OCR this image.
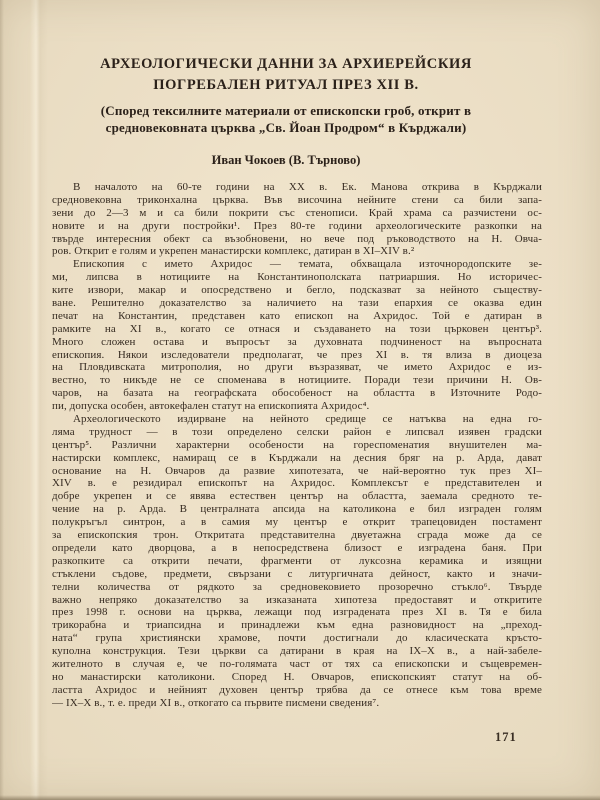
АРХЕОЛОГИЧЕСКИ ДАННИ ЗА АРХИЕРЕЙСКИЯ
ПОГРЕБАЛЕН РИТУАЛ ПРЕЗ XII В.
(Според тексилните материали от епископски гроб, открит в
средновековната църква „Св. Йоан Продром“ в Кърджали)
Иван Чокоев (В. Търново)
В началото на 60-те години на XX в. Ек. Манова открива в Кърджали
средновековна триконхална църква. Във височина нейните стени са били запа-
зени до 2—3 м и са били покрити със стенописи. Край храма са разчистени ос-
новите и на други постройки¹. През 80-те години археологическите разкопки на
твърде интересния обект са възобновени, но вече под ръководството на Н. Овча-
ров. Открит е голям и укрепен манастирски комплекс, датиран в XI–XIV в.²
Епископия с името Ахридос — темата, обхващала източнородопските зе-
ми, липсва в нотициите на Константинополската патриаршия. Но историчес-
ките извори, макар и опосредствено и бегло, подсказват за нейното съществу-
ване. Решително доказателство за наличието на тази епархия се оказва един
печат на Константин, представен като епископ на Ахридос. Той е датиран в
рамките на XI в., когато се отнася и създаването на този църковен център³.
Много сложен остава и въпросът за духовната подчиненост на въпросната
епископия. Някои изследователи предполагат, че през XI в. тя влиза в диоцеза
на Пловдивската митрополия, но други възразяват, че името Ахридос е из-
вестно, то никъде не се споменава в нотициите. Поради тези причини Н. Ов-
чаров, на базата на географската обособеност на областта в Източните Родо-
пи, допуска особен, автокефален статут на епископията Ахридос⁴.
Археологическото издирване на нейното средище се натъква на една го-
ляма трудност — в този определено селски район е липсвал изявен градски
център⁵. Различни характерни особености на гореспоменатия внушителен ма-
настирски комплекс, намиращ се в Кърджали на десния бряг на р. Арда, дават
основание на Н. Овчаров да развие хипотезата, че най-вероятно тук през XI–
XIV в. е резидирал епископът на Ахридос. Комплексът е представителен и
добре укрепен и се явява естествен център на областта, заемала средното те-
чение на р. Арда. В централната апсида на католикона е бил изграден голям
полукръгъл синтрон, а в самия му център е открит трапецовиден постамент
за епископския трон. Откритата представителна двуетажна сграда може да се
определи като дворцова, а в непосредствена близост е изградена баня. При
разкопките са открити печати, фрагменти от луксозна керамика и изящни
стъклени съдове, предмети, свързани с литургичната дейност, както и значи-
телни количества от рядкото за средновековието прозоречно стъкло⁶. Твърде
важно непряко доказателство за изказаната хипотеза предоставят и откритите
през 1998 г. основи на църква, лежащи под изградената през XI в. Тя е била
трикорабна и триапсидна и принадлежи към една разновидност на „преход-
ната“ група християнски храмове, почти достигнали до класическата кръсто-
куполна конструкция. Тези църкви са датирани в края на IX–X в., а най-забеле-
жителното в случая е, че по-голямата част от тях са епископски и същевремен-
но манастирски католикони. Според Н. Овчаров, епископският статут на об-
ластта Ахридос и нейният духовен център трябва да се отнесе към това време
— IX–X в., т. е. преди XI в., откогато са първите писмени сведения⁷.
171
